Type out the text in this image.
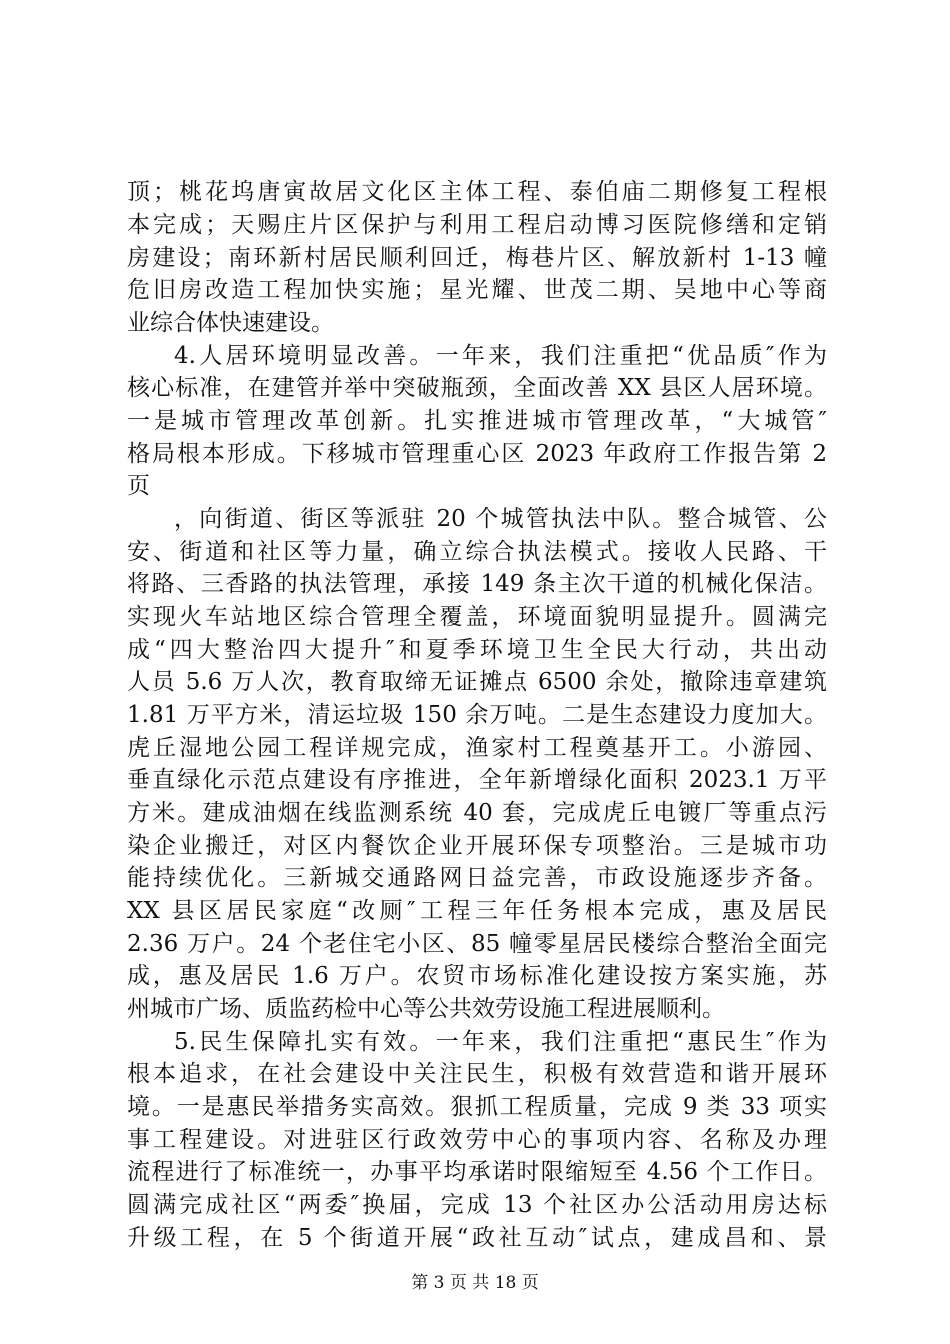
顶；桃花坞唐寅故居文化区主体工程、泰伯庙二期修复工程根
本完成；天赐庄片区保护与利用工程启动博习医院修缮和定销
房建设；南环新村居民顺利回迁，梅巷片区、解放新村 1-13 幢
危旧房改造工程加快实施；星光耀、世茂二期、吴地中心等商
业综合体快速建设。
4.人居环境明显改善。一年来，我们注重把“优品质″作为
核心标准，在建管并举中突破瓶颈，全面改善 XX 县区人居环境。
一是城市管理改革创新。扎实推进城市管理改革，“大城管″
格局根本形成。下移城市管理重心区 2023 年政府工作报告第 2
页
，向街道、街区等派驻 20 个城管执法中队。整合城管、公
安、街道和社区等力量，确立综合执法模式。接收人民路、干
将路、三香路的执法管理，承接 149 条主次干道的机械化保洁。
实现火车站地区综合管理全覆盖，环境面貌明显提升。圆满完
成“四大整治四大提升″和夏季环境卫生全民大行动，共出动
人员 5.6 万人次，教育取缔无证摊点 6500 余处，撤除违章建筑
1.81 万平方米，清运垃圾 150 余万吨。二是生态建设力度加大。
虎丘湿地公园工程详规完成，渔家村工程奠基开工。小游园、
垂直绿化示范点建设有序推进，全年新增绿化面积 2023.1 万平
方米。建成油烟在线监测系统 40 套，完成虎丘电镀厂等重点污
染企业搬迁，对区内餐饮企业开展环保专项整治。三是城市功
能持续优化。三新城交通路网日益完善，市政设施逐步齐备。
XX 县区居民家庭“改厕″工程三年任务根本完成，惠及居民
2.36 万户。24 个老住宅小区、85 幢零星居民楼综合整治全面完
成，惠及居民 1.6 万户。农贸市场标准化建设按方案实施，苏
州城市广场、质监药检中心等公共效劳设施工程进展顺利。
5.民生保障扎实有效。一年来，我们注重把“惠民生″作为
根本追求，在社会建设中关注民生，积极有效营造和谐开展环
境。一是惠民举措务实高效。狠抓工程质量，完成 9 类 33 项实
事工程建设。对进驻区行政效劳中心的事项内容、名称及办理
流程进行了标准统一，办事平均承诺时限缩短至 4.56 个工作日。
圆满完成社区“两委″换届，完成 13 个社区办公活动用房达标
升级工程，在 5 个街道开展“政社互动″试点，建成昌和、景
第 3 页 共 18 页
